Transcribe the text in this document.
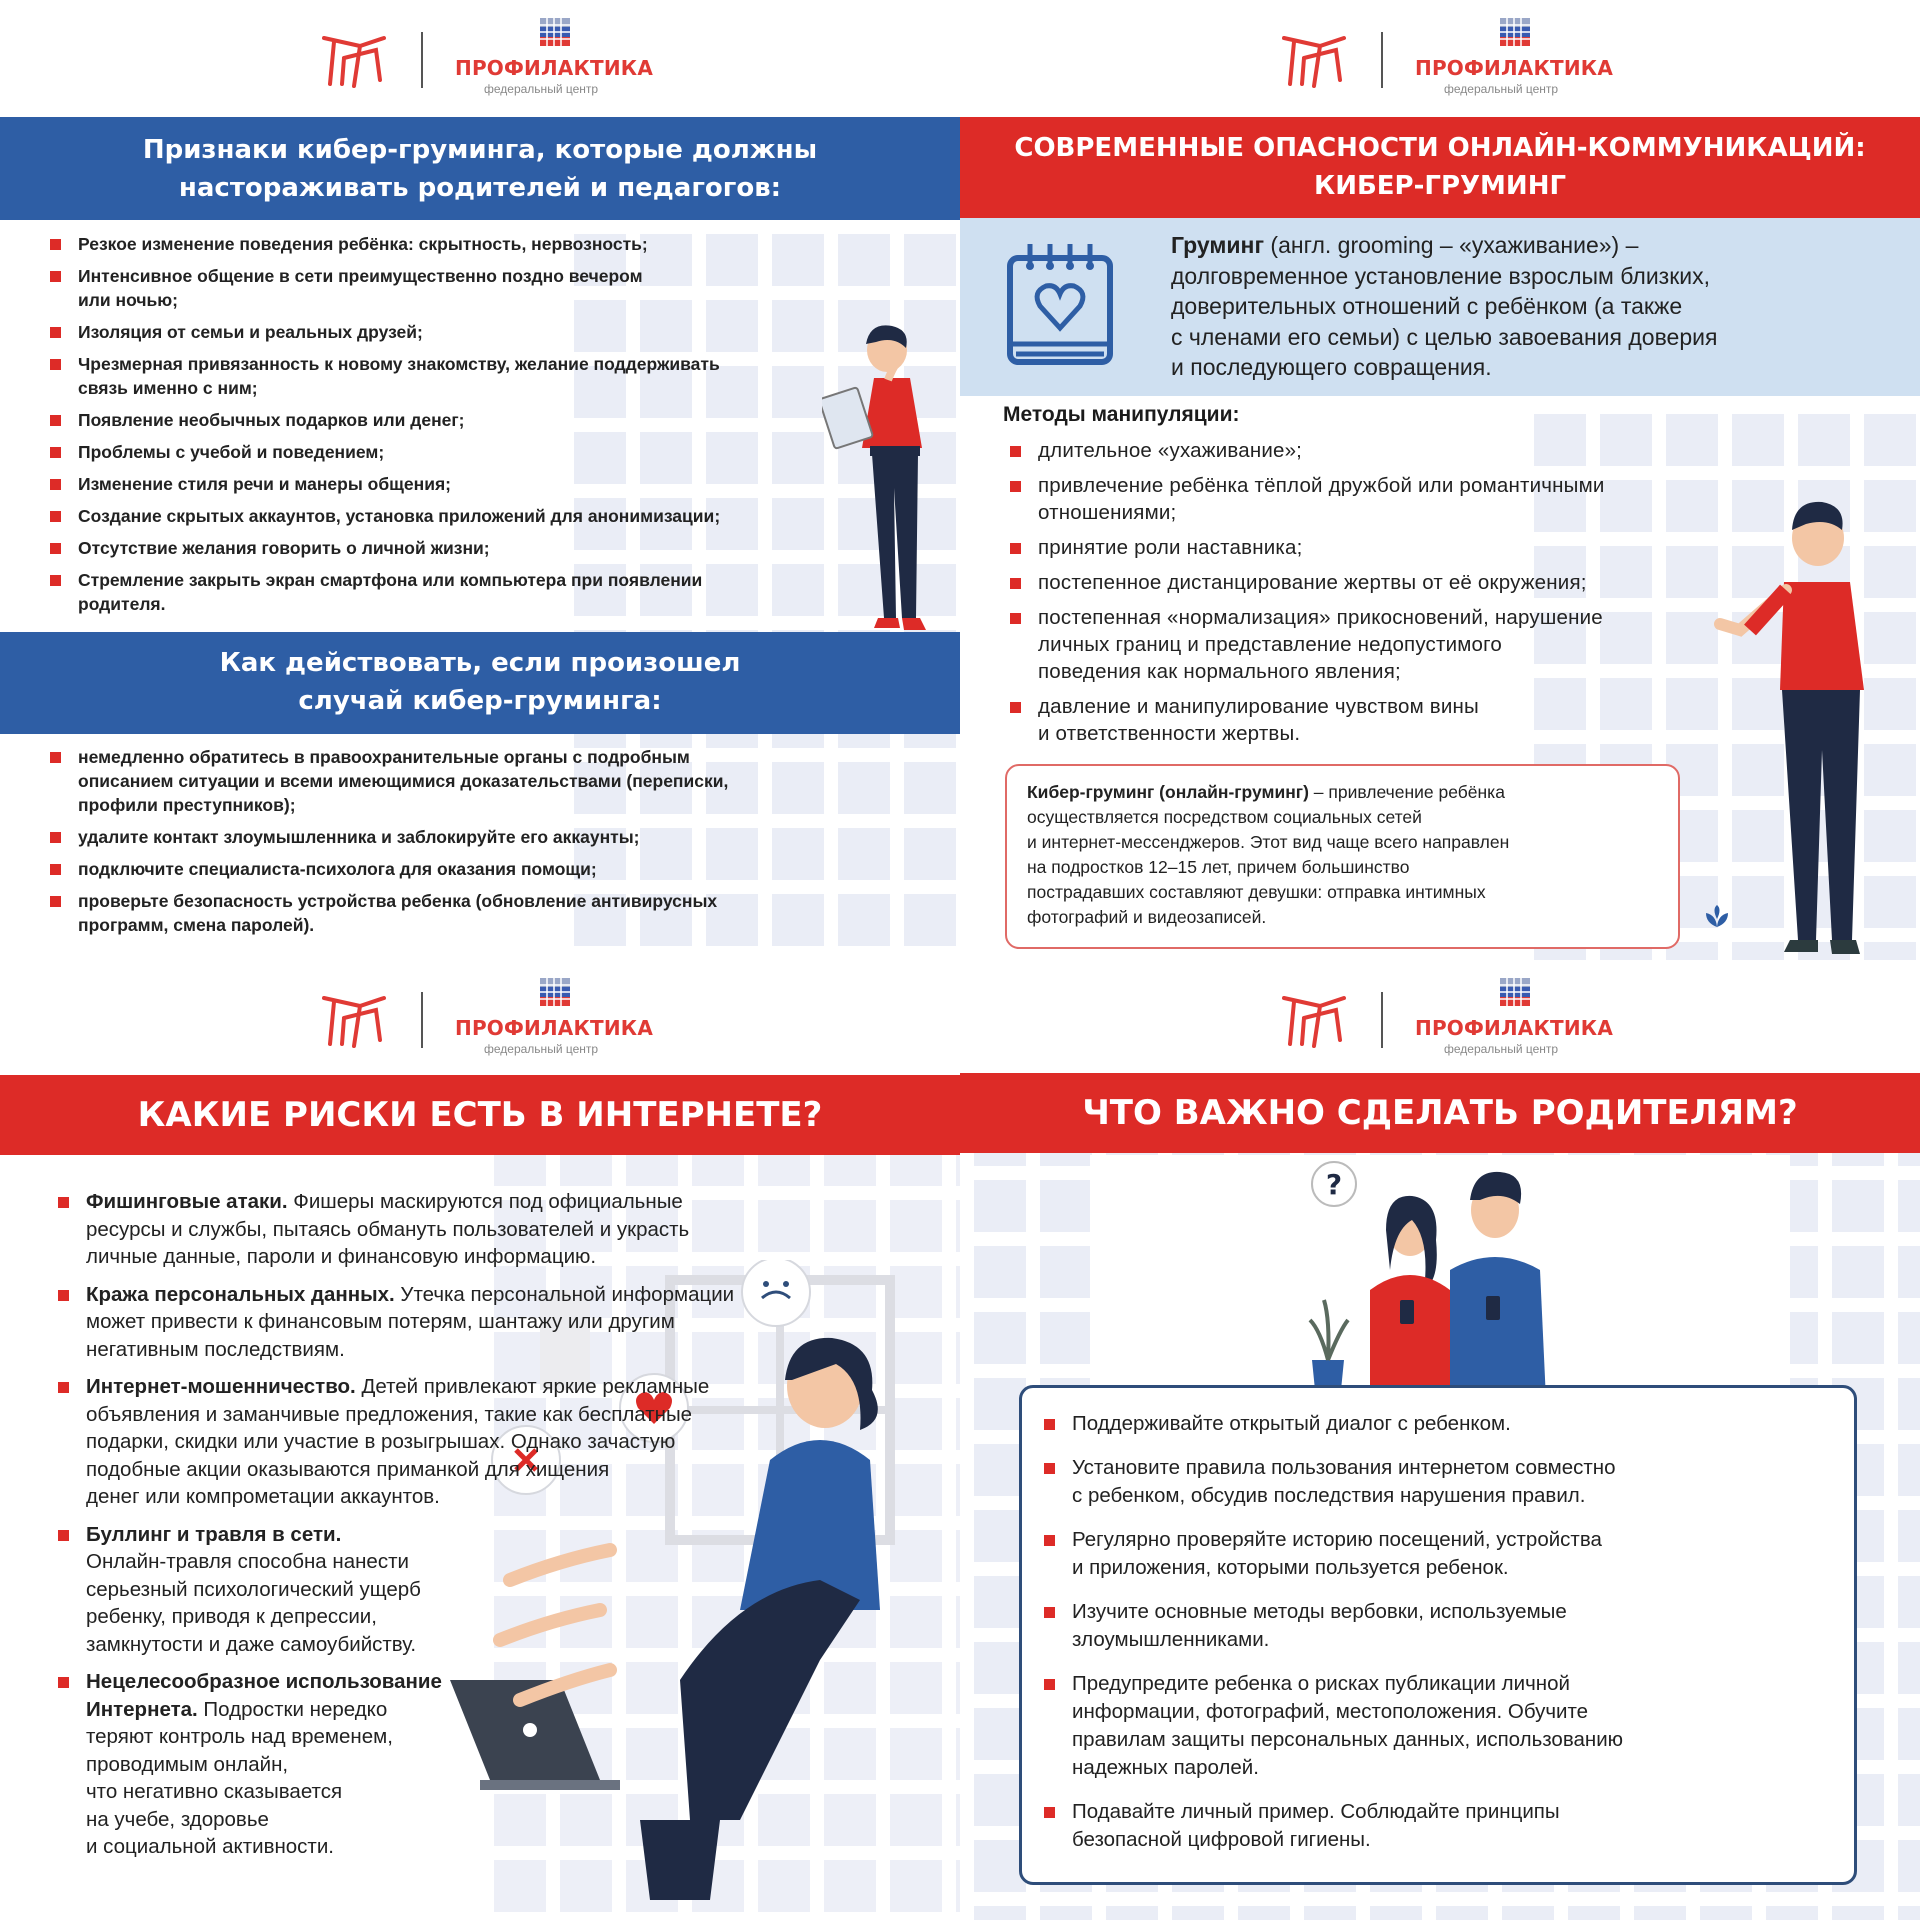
ПРОФИЛАКТИКА
федеральный центр
Признаки кибер-груминга, которые должны
настораживать родителей и педагогов:
Резкое изменение поведения ребёнка: скрытность, нервозность;
Интенсивное общение в сети преимущественно поздно вечером
или ночью;
Изоляция от семьи и реальных друзей;
Чрезмерная привязанность к новому знакомству, желание поддерживать
связь именно с ним;
Появление необычных подарков или денег;
Проблемы с учебой и поведением;
Изменение стиля речи и манеры общения;
Создание скрытых аккаунтов, установка приложений для анонимизации;
Отсутствие желания говорить о личной жизни;
Стремление закрыть экран смартфона или компьютера при появлении
родителя.
Как действовать, если произошел
случай кибер-груминга:
немедленно обратитесь в правоохранительные органы с подробным
описанием ситуации и всеми имеющимися доказательствами (переписки,
профили преступников);
удалите контакт злоумышленника и заблокируйте его аккаунты;
подключите специалиста-психолога для оказания помощи;
проверьте безопасность устройства ребенка (обновление антивирусных
программ, смена паролей).
ПРОФИЛАКТИКА
федеральный центр
СОВРЕМЕННЫЕ ОПАСНОСТИ ОНЛАЙН-КОММУНИКАЦИЙ:
КИБЕР-ГРУМИНГ
Груминг (англ. grooming – «ухаживание») –
долговременное установление взрослым близких,
доверительных отношений с ребёнком (а также
с членами его семьи) с целью завоевания доверия
и последующего совращения.
Методы манипуляции:
длительное «ухаживание»;
привлечение ребёнка тёплой дружбой или романтичными
отношениями;
принятие роли наставника;
постепенное дистанцирование жертвы от её окружения;
постепенная «нормализация» прикосновений, нарушение
личных границ и представление недопустимого
поведения как нормального явления;
давление и манипулирование чувством вины
и ответственности жертвы.
Кибер-груминг (онлайн-груминг) – привлечение ребёнка
осуществляется посредством социальных сетей
и интернет-мессенджеров. Этот вид чаще всего направлен
на подростков 12–15 лет, причем большинство
пострадавших составляют девушки: отправка интимных
фотографий и видеозаписей.
ПРОФИЛАКТИКА
федеральный центр
КАКИЕ РИСКИ ЕСТЬ В ИНТЕРНЕТЕ?
Фишинговые атаки. Фишеры маскируются под официальные
ресурсы и службы, пытаясь обмануть пользователей и украсть
личные данные, пароли и финансовую информацию.
Кража персональных данных. Утечка персональной информации
может привести к финансовым потерям, шантажу или другим
негативным последствиям.
Интернет-мошенничество. Детей привлекают яркие рекламные
объявления и заманчивые предложения, такие как бесплатные
подарки, скидки или участие в розыгрышах. Однако зачастую
подобные акции оказываются приманкой для хищения
денег или компрометации аккаунтов.
Буллинг и травля в сети.
Онлайн-травля способна нанести
серьезный психологический ущерб
ребенку, приводя к депрессии,
замкнутости и даже самоубийству.
Нецелесообразное использование
Интернета. Подростки нередко
теряют контроль над временем,
проводимым онлайн,
что негативно сказывается
на учебе, здоровье
и социальной активности.
ПРОФИЛАКТИКА
федеральный центр
ЧТО ВАЖНО СДЕЛАТЬ РОДИТЕЛЯМ?
?
Поддерживайте открытый диалог с ребенком.
Установите правила пользования интернетом совместно
с ребенком, обсудив последствия нарушения правил.
Регулярно проверяйте историю посещений, устройства
и приложения, которыми пользуется ребенок.
Изучите основные методы вербовки, используемые
злоумышленниками.
Предупредите ребенка о рисках публикации личной
информации, фотографий, местоположения. Обучите
правилам защиты персональных данных, использованию
надежных паролей.
Подавайте личный пример. Соблюдайте принципы
безопасной цифровой гигиены.
